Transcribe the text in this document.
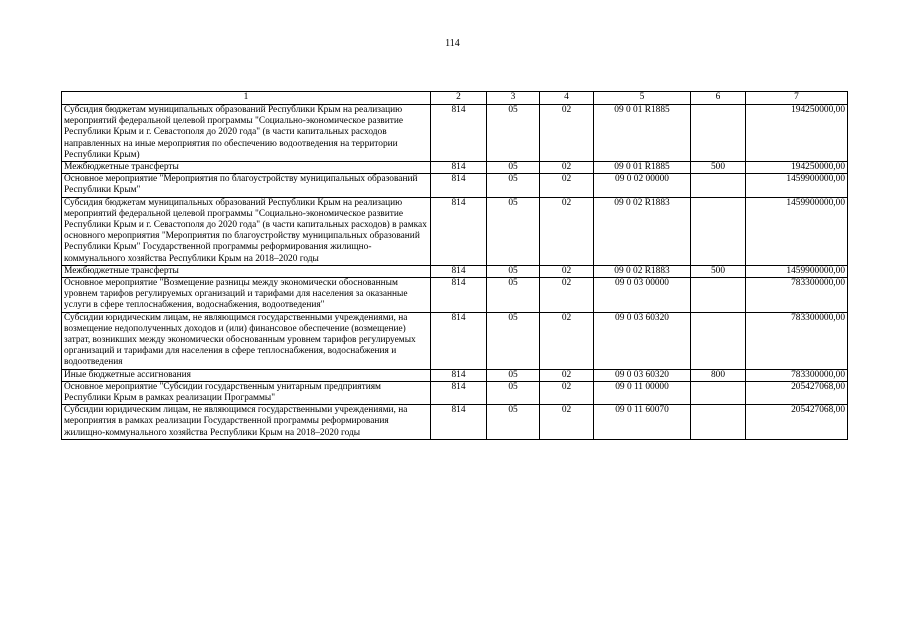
114
1	2	3	4	5	6	7
Субсидия бюджетам муниципальных образований Республики Крым на реализацию мероприятий федеральной целевой программы "Социально-экономическое развитие Республики Крым и г. Севастополя до 2020 года" (в части капитальных расходов направленных на иные мероприятия по обеспечению водоотведения на территории Республики Крым)	814	05	02	09 0 01 R1885		194250000,00
Межбюджетные трансферты	814	05	02	09 0 01 R1885	500	194250000,00
Основное мероприятие "Мероприятия по благоустройству муниципальных образований Республики Крым"	814	05	02	09 0 02 00000		1459900000,00
Субсидия бюджетам муниципальных образований Республики Крым на реализацию мероприятий федеральной целевой программы "Социально-экономическое развитие Республики Крым и г. Севастополя до 2020 года" (в части капитальных расходов) в рамках основного мероприятия "Мероприятия по благоустройству муниципальных образований Республики Крым" Государственной программы реформирования жилищно-коммунального хозяйства Республики Крым на 2018–2020 годы	814	05	02	09 0 02 R1883		1459900000,00
Межбюджетные трансферты	814	05	02	09 0 02 R1883	500	1459900000,00
Основное мероприятие "Возмещение разницы между экономически обоснованным уровнем тарифов регулируемых организаций и тарифами для населения за оказанные услуги в сфере теплоснабжения, водоснабжения, водоотведения"	814	05	02	09 0 03 00000		783300000,00
Субсидии юридическим лицам, не являющимся государственными учреждениями, на возмещение недополученных доходов и (или) финансовое обеспечение (возмещение) затрат, возникших между экономически обоснованным уровнем тарифов регулируемых организаций и тарифами для населения в сфере теплоснабжения, водоснабжения и водоотведения	814	05	02	09 0 03 60320		783300000,00
Иные бюджетные ассигнования	814	05	02	09 0 03 60320	800	783300000,00
Основное мероприятие "Субсидии государственным унитарным предприятиям Республики Крым в рамках реализации Программы"	814	05	02	09 0 11 00000		205427068,00
Субсидии юридическим лицам, не являющимся государственными учреждениями, на мероприятия в рамках реализации Государственной программы реформирования жилищно-коммунального хозяйства Республики Крым на 2018–2020 годы	814	05	02	09 0 11 60070		205427068,00
